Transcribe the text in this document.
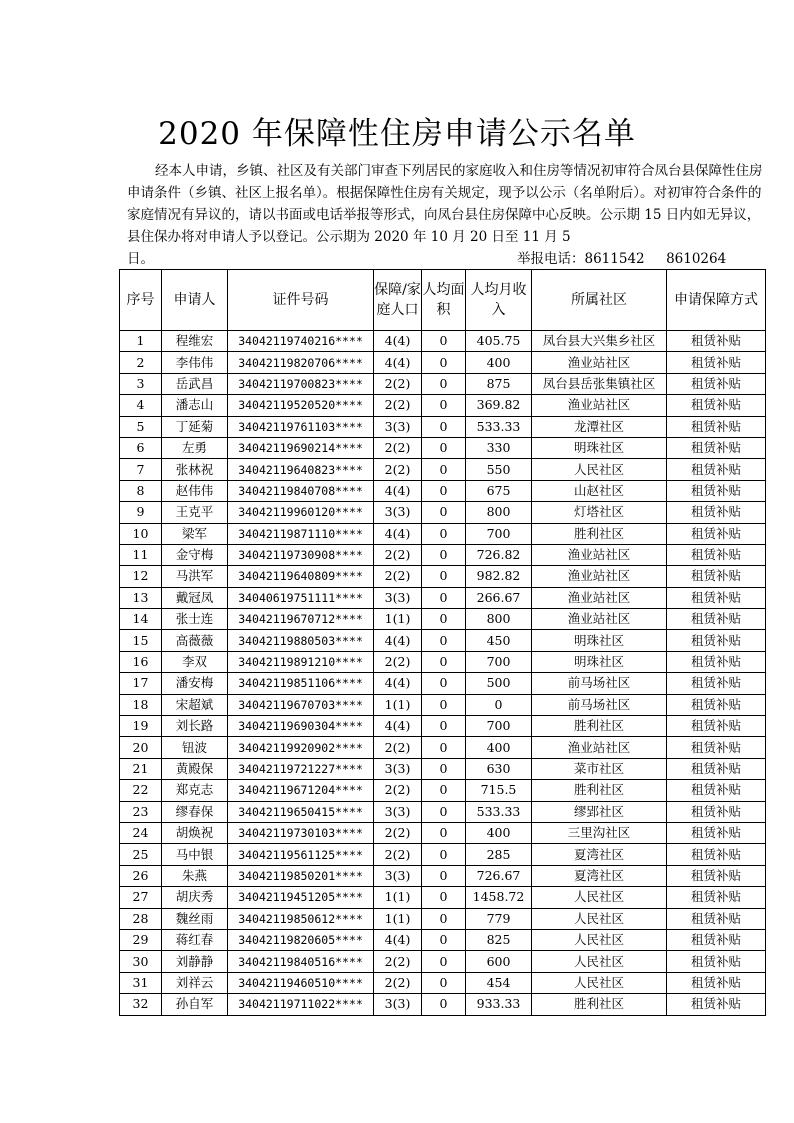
2020 年保障性住房申请公示名单

经本人申请，乡镇、社区及有关部门审查下列居民的家庭收入和住房等情况初审符合凤台县保障性住房申请条件（乡镇、社区上报名单）。根据保障性住房有关规定，现予以公示（名单附后）。对初审符合条件的家庭情况有异议的，请以书面或电话举报等形式，向凤台县住房保障中心反映。公示期 15 日内如无异议，县住保办将对申请人予以登记。公示期为 2020 年 10 月 20 日至 11 月 5

日。	举报电话：8611542     8610264
序号	申请人	证件号码	保障/家庭人口	人均面积	人均月收入	所属社区	申请保障方式
1	程维宏	34042119740216****	4(4)	0	405.75	凤台县大兴集乡社区	租赁补贴
2	李伟伟	34042119820706****	4(4)	0	400	渔业站社区	租赁补贴
3	岳武昌	34042119700823****	2(2)	0	875	凤台县岳张集镇社区	租赁补贴
4	潘志山	34042119520520****	2(2)	0	369.82	渔业站社区	租赁补贴
5	丁延菊	34042119761103****	3(3)	0	533.33	龙潭社区	租赁补贴
6	左勇	34042119690214****	2(2)	0	330	明珠社区	租赁补贴
7	张林祝	34042119640823****	2(2)	0	550	人民社区	租赁补贴
8	赵伟伟	34042119840708****	4(4)	0	675	山赵社区	租赁补贴
9	王克平	34042119960120****	3(3)	0	800	灯塔社区	租赁补贴
10	梁军	34042119871110****	4(4)	0	700	胜利社区	租赁补贴
11	金守梅	34042119730908****	2(2)	0	726.82	渔业站社区	租赁补贴
12	马洪军	34042119640809****	2(2)	0	982.82	渔业站社区	租赁补贴
13	戴冠凤	34040619751111****	3(3)	0	266.67	渔业站社区	租赁补贴
14	张士连	34042119670712****	1(1)	0	800	渔业站社区	租赁补贴
15	高薇薇	34042119880503****	4(4)	0	450	明珠社区	租赁补贴
16	李双	34042119891210****	2(2)	0	700	明珠社区	租赁补贴
17	潘安梅	34042119851106****	4(4)	0	500	前马场社区	租赁补贴
18	宋超斌	34042119670703****	1(1)	0	0	前马场社区	租赁补贴
19	刘长路	34042119690304****	4(4)	0	700	胜利社区	租赁补贴
20	钮波	34042119920902****	2(2)	0	400	渔业站社区	租赁补贴
21	黄殿保	34042119721227****	3(3)	0	630	菜市社区	租赁补贴
22	郑克志	34042119671204****	2(2)	0	715.5	胜利社区	租赁补贴
23	缪春保	34042119650415****	3(3)	0	533.33	缪郢社区	租赁补贴
24	胡焕祝	34042119730103****	2(2)	0	400	三里沟社区	租赁补贴
25	马中银	34042119561125****	2(2)	0	285	夏湾社区	租赁补贴
26	朱燕	34042119850201****	3(3)	0	726.67	夏湾社区	租赁补贴
27	胡庆秀	34042119451205****	1(1)	0	1458.72	人民社区	租赁补贴
28	魏丝雨	34042119850612****	1(1)	0	779	人民社区	租赁补贴
29	蒋红春	34042119820605****	4(4)	0	825	人民社区	租赁补贴
30	刘静静	34042119840516****	2(2)	0	600	人民社区	租赁补贴
31	刘祥云	34042119460510****	2(2)	0	454	人民社区	租赁补贴
32	孙自军	34042119711022****	3(3)	0	933.33	胜利社区	租赁补贴
